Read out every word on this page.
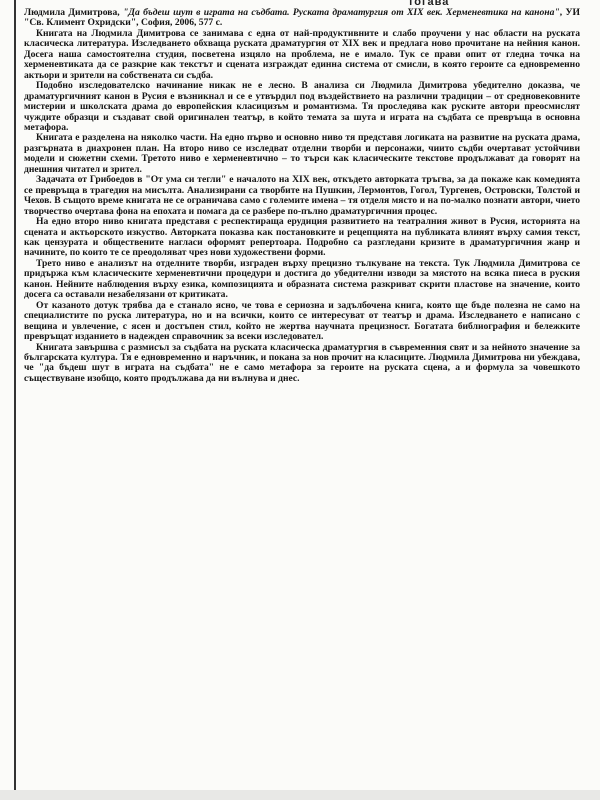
тогава

Людмила Димитрова, "Да бъдеш шут в играта на съдбата. Руската драматургия от XIX век. Херменевтика на канона", УИ "Св. Климент Охридски", София, 2006, 577 с.

Книгата на Людмила Димитрова се занимава с една от най-продуктивните и слабо проучени у нас области на руската класическа литература. Изследването обхваща руската драматургия от XIX век и предлага ново прочитане на нейния канон. Досега наша самостоятелна студия, посветена изцяло на проблема, не е имало. Тук се прави опит от гледна точка на херменевтиката да се разкрие как текстът и сцената изграждат единна система от смисли, в която героите са едновременно актьори и зрители на собствената си съдба.

Подобно изследователско начинание никак не е лесно. В анализа си Людмила Димитрова убедително доказва, че драматургичният канон в Русия е възникнал и се е утвърдил под въздействието на различни традиции – от средновековните мистерии и школската драма до европейския класицизъм и романтизма. Тя проследява как руските автори преосмислят чуждите образци и създават свой оригинален театър, в който темата за шута и играта на съдбата се превръща в основна метафора.

Книгата е разделена на няколко части. На едно първо и основно ниво тя представя логиката на развитие на руската драма, разгърната в диахронен план. На второ ниво се изследват отделни творби и персонажи, чиито съдби очертават устойчиви модели и сюжетни схеми. Третото ниво е херменевтично – то търси как класическите текстове продължават да говорят на днешния читател и зрител.

Задачата от Грибоедов в "От ума си тегли" е началото на XIX век, откъдето авторката тръгва, за да покаже как комедията се превръща в трагедия на мисълта. Анализирани са творбите на Пушкин, Лермонтов, Гогол, Тургенев, Островски, Толстой и Чехов. В същото време книгата не се ограничава само с големите имена – тя отделя място и на по-малко познати автори, чието творчество очертава фона на епохата и помага да се разбере по-пълно драматургичния процес.

На едно второ ниво книгата представя с респектираща ерудиция развитието на театралния живот в Русия, историята на сцената и актьорското изкуство. Авторката показва как постановките и рецепцията на публиката влияят върху самия текст, как цензурата и обществените нагласи оформят репертоара. Подробно са разгледани кризите в драматургичния жанр и начините, по които те се преодоляват чрез нови художествени форми.

Трето ниво е анализът на отделните творби, изграден върху прецизно тълкуване на текста. Тук Людмила Димитрова се придържа към класическите херменевтични процедури и достига до убедителни изводи за мястото на всяка пиеса в руския канон. Нейните наблюдения върху езика, композицията и образната система разкриват скрити пластове на значение, които досега са оставали незабелязани от критиката.

От казаното дотук трябва да е станало ясно, че това е сериозна и задълбочена книга, която ще бъде полезна не само на специалистите по руска литература, но и на всички, които се интересуват от театър и драма. Изследването е написано с вещина и увлечение, с ясен и достъпен стил, който не жертва научната прецизност. Богатата библиография и бележките превръщат изданието в надежден справочник за всеки изследовател.

Книгата завършва с размисъл за съдбата на руската класическа драматургия в съвременния свят и за нейното значение за българската култура. Тя е едновременно и наръчник, и покана за нов прочит на класиците. Людмила Димитрова ни убеждава, че "да бъдеш шут в играта на съдбата" не е само метафора за героите на руската сцена, а и формула за човешкото съществуване изобщо, която продължава да ни вълнува и днес.
